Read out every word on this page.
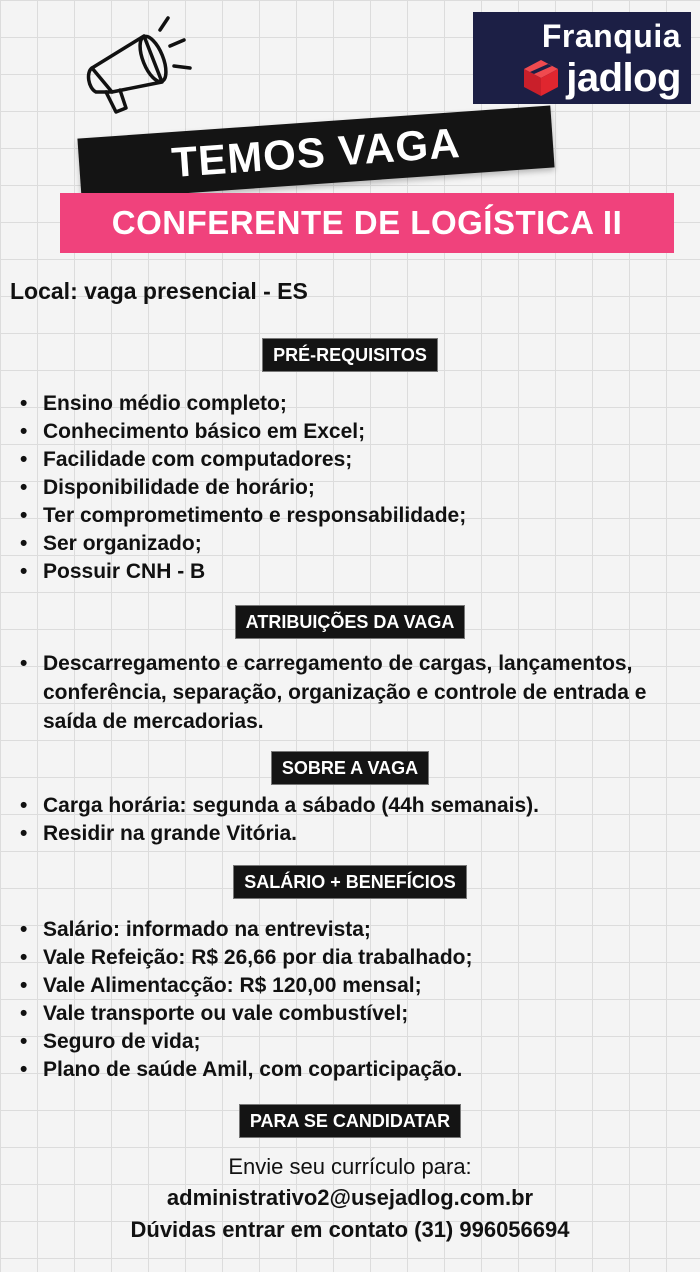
Franquia
jadlog
TEMOS VAGA
CONFERENTE DE LOGÍSTICA II

Local: vaga presencial - ES

PRÉ-REQUISITOS
• Ensino médio completo;
• Conhecimento básico em Excel;
• Facilidade com computadores;
• Disponibilidade de horário;
• Ter comprometimento e responsabilidade;
• Ser organizado;
• Possuir CNH - B
ATRIBUIÇÕES DA VAGA
• Descarregamento e carregamento de cargas, lançamentos, conferência, separação, organização e controle de entrada e saída de mercadorias.
SOBRE A VAGA
• Carga horária: segunda a sábado (44h semanais).
• Residir na grande Vitória.
SALÁRIO + BENEFÍCIOS
• Salário: informado na entrevista;
• Vale Refeição: R$ 26,66 por dia trabalhado;
• Vale Alimentacção: R$ 120,00 mensal;
• Vale transporte ou vale combustível;
• Seguro de vida;
• Plano de saúde Amil, com coparticipação.
PARA SE CANDIDATAR
Envie seu currículo para:
administrativo2@usejadlog.com.br
Dúvidas entrar em contato (31) 996056694
